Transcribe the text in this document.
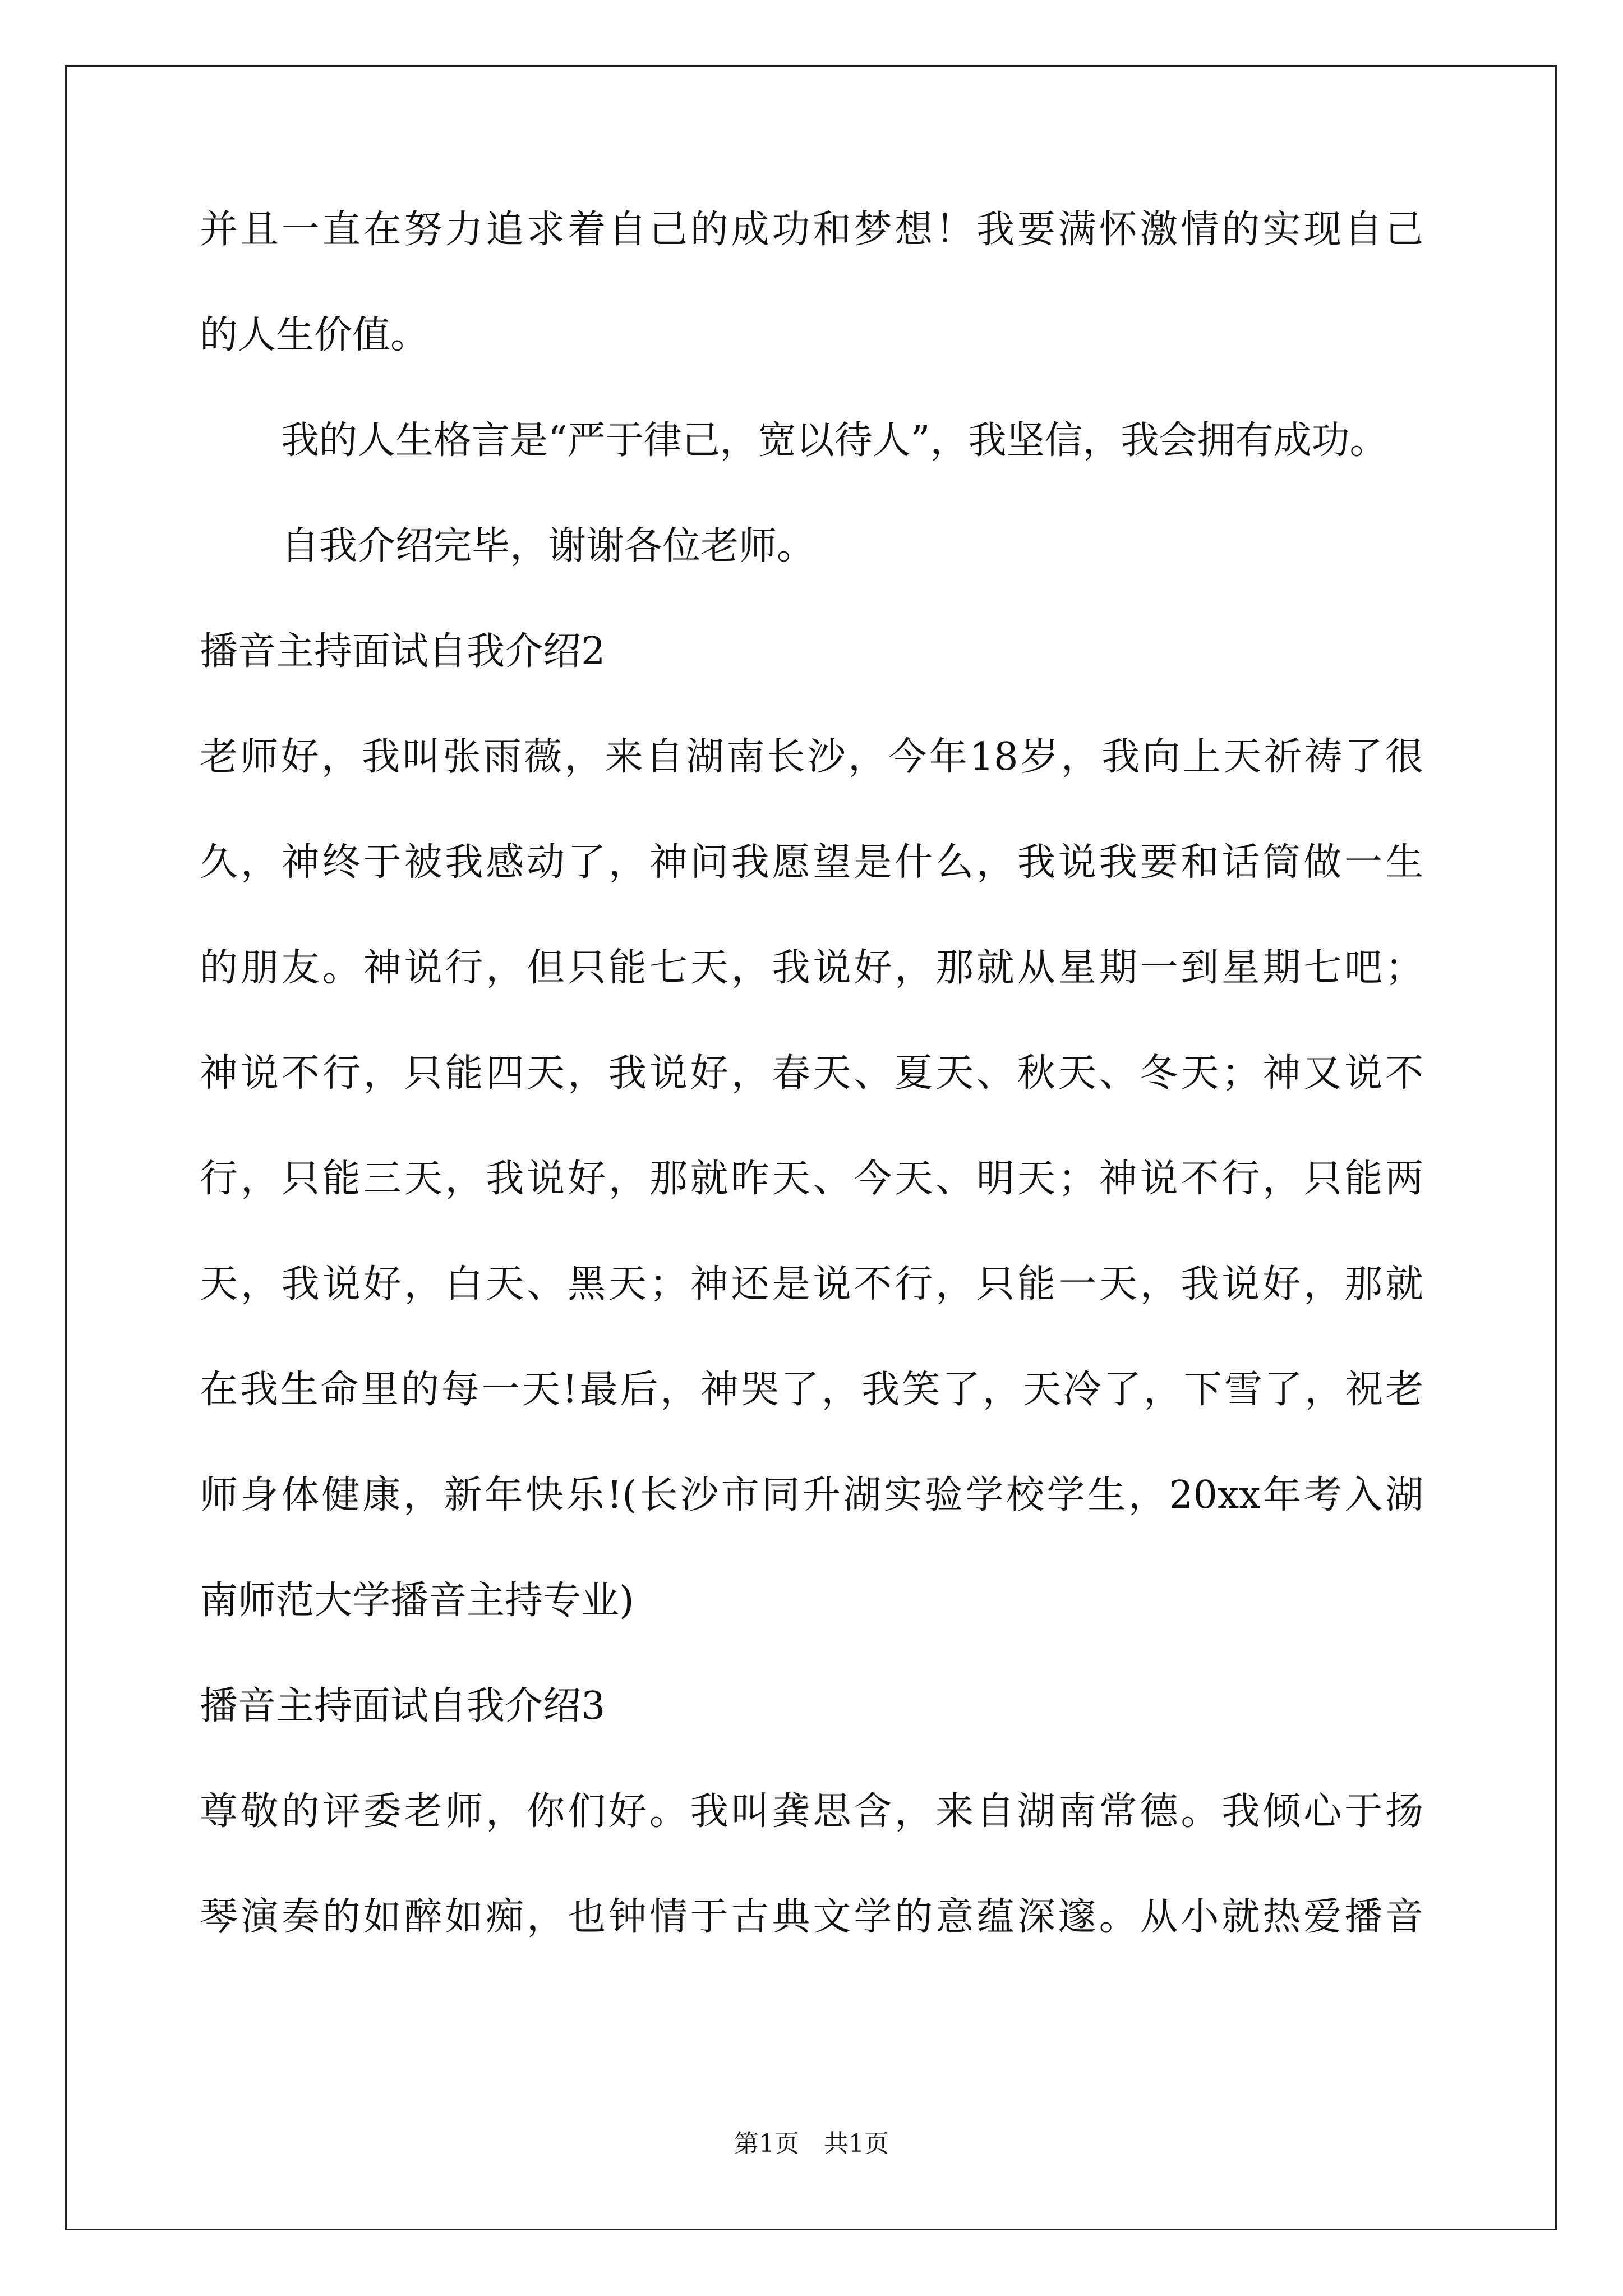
并且一直在努力追求着自己的成功和梦想！我要满怀激情的实现自己
的人生价值。
我的人生格言是“严于律己，宽以待人”，我坚信，我会拥有成功。
自我介绍完毕，谢谢各位老师。
播音主持面试自我介绍2
老师好，我叫张雨薇，来自湖南长沙，今年18岁，我向上天祈祷了很
久，神终于被我感动了，神问我愿望是什么，我说我要和话筒做一生
的朋友。神说行，但只能七天，我说好，那就从星期一到星期七吧；
神说不行，只能四天，我说好，春天、夏天、秋天、冬天；神又说不
行，只能三天，我说好，那就昨天、今天、明天；神说不行，只能两
天，我说好，白天、黑天；神还是说不行，只能一天，我说好，那就
在我生命里的每一天!最后，神哭了，我笑了，天冷了，下雪了，祝老
师身体健康，新年快乐!(长沙市同升湖实验学校学生，20xx年考入湖
南师范大学播音主持专业)
播音主持面试自我介绍3
尊敬的评委老师，你们好。我叫龚思含，来自湖南常德。我倾心于扬
琴演奏的如醉如痴，也钟情于古典文学的意蕴深邃。从小就热爱播音
第1页　共1页
